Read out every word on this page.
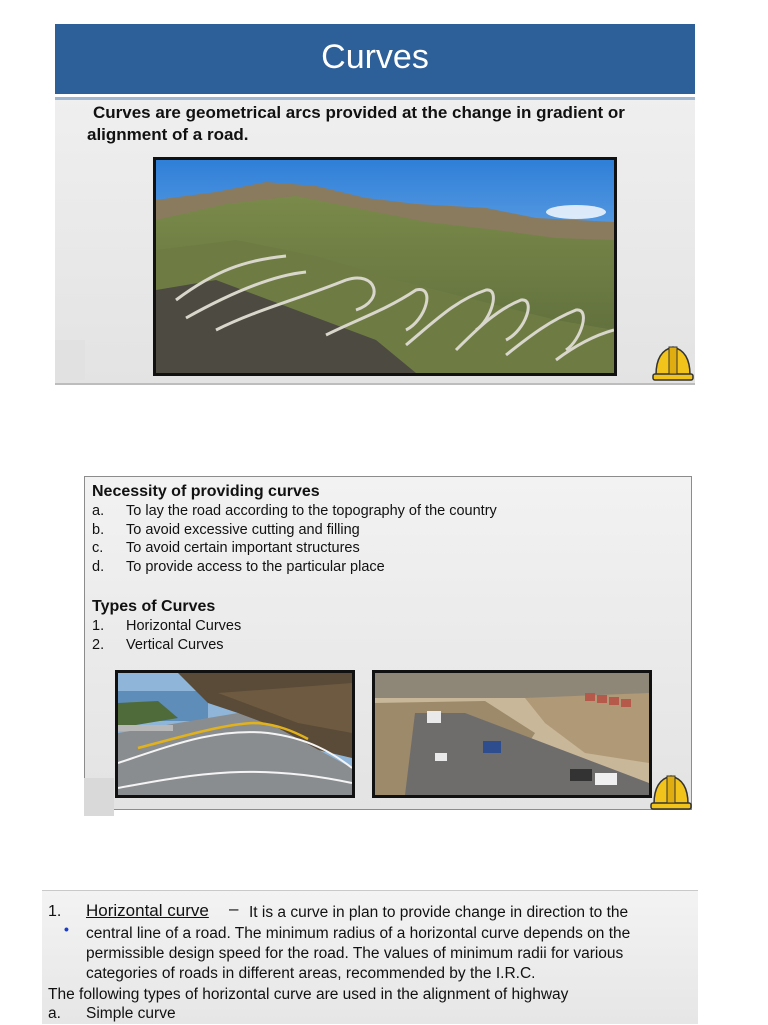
Curves
Curves are geometrical arcs provided at the change in gradient or
alignment of a road.
Necessity of providing curves
a. To lay the road according to the topography of the country
b. To avoid excessive cutting and filling
c. To avoid certain important structures
d. To provide access to the particular place
Types of Curves
1. Horizontal Curves
2. Vertical Curves
1. Horizontal curve – It is a curve in plan to provide change in direction to the
• central line of a road. The minimum radius of a horizontal curve depends on the
permissible design speed for the road. The values of minimum radii for various
categories of roads in different areas, recommended by the I.R.C.
The following types of horizontal curve are used in the alignment of highway
a. Simple curve
